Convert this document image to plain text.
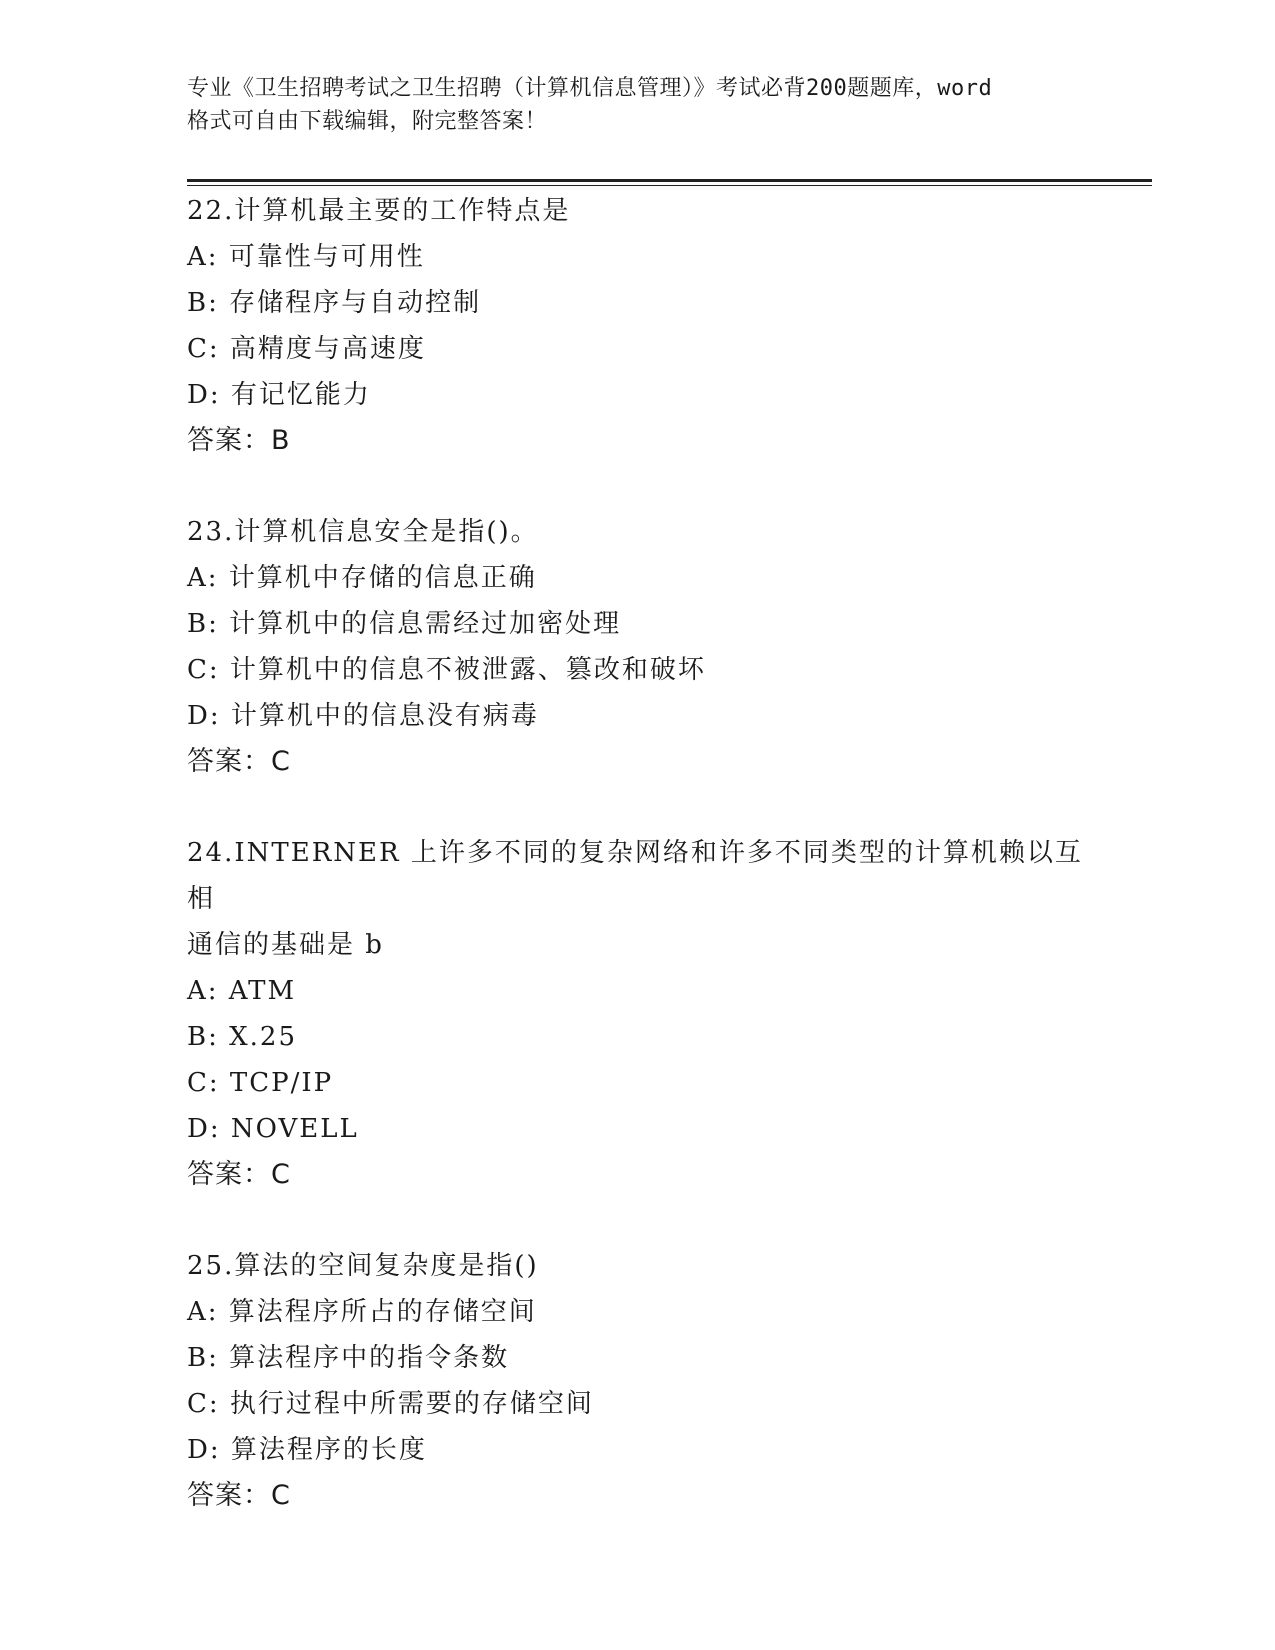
专业《卫生招聘考试之卫生招聘（计算机信息管理）》考试必背200题题库，word
格式可自由下载编辑，附完整答案！

22.计算机最主要的工作特点是

A: 可靠性与可用性

B: 存储程序与自动控制

C: 高精度与高速度

D: 有记忆能力

答案：B

23.计算机信息安全是指()。

A: 计算机中存储的信息正确

B: 计算机中的信息需经过加密处理

C: 计算机中的信息不被泄露、篡改和破坏

D: 计算机中的信息没有病毒

答案：C

24.INTERNER 上许多不同的复杂网络和许多不同类型的计算机赖以互相

通信的基础是 b

A: ATM

B: X.25

C: TCP/IP

D: NOVELL

答案：C

25.算法的空间复杂度是指()

A: 算法程序所占的存储空间

B: 算法程序中的指令条数

C: 执行过程中所需要的存储空间

D: 算法程序的长度

答案：C
